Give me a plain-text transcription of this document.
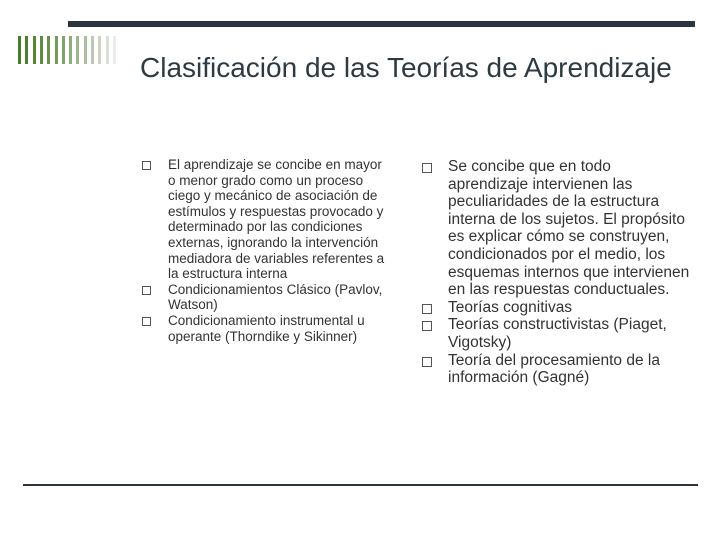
Clasificación de las Teorías de Aprendizaje
El aprendizaje se concibe en mayor o menor grado como un proceso ciego y mecánico de asociación de estímulos y respuestas provocado y determinado por las condiciones externas, ignorando la intervención mediadora de variables referentes a la estructura interna
Condicionamientos Clásico (Pavlov, Watson)
Condicionamiento instrumental u operante (Thorndike y Sikinner)
Se concibe que en todo aprendizaje intervienen las peculiaridades de la estructura interna de los sujetos. El propósito es explicar cómo se construyen, condicionados por el medio, los esquemas internos que intervienen en las respuestas conductuales.
Teorías cognitivas
Teorías constructivistas (Piaget, Vigotsky)
Teoría del procesamiento de la información (Gagné)
